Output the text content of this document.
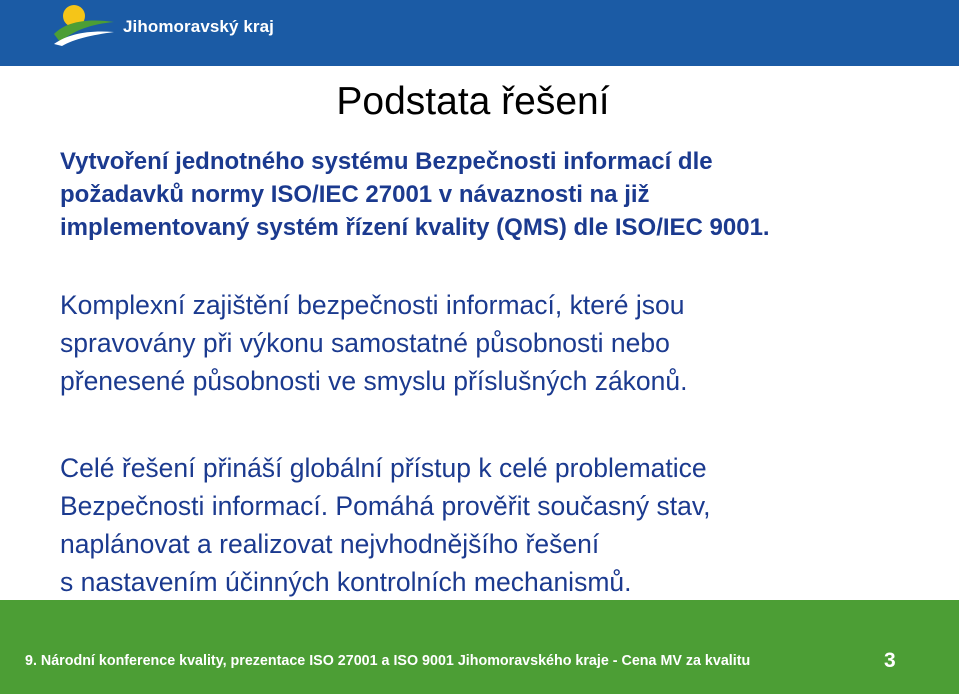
Jihomoravský kraj
Podstata řešení
Vytvoření jednotného systému Bezpečnosti informací dle
požadavků normy ISO/IEC 27001 v návaznosti na již
implementovaný systém řízení kvality (QMS) dle ISO/IEC 9001.
Komplexní zajištění bezpečnosti informací, které jsou
spravovány při výkonu samostatné působnosti nebo
přenesené působnosti ve smyslu příslušných zákonů.
Celé řešení přináší globální přístup k celé problematice
Bezpečnosti informací. Pomáhá prověřit současný stav,
naplánovat a realizovat nejvhodnějšího řešení
s nastavením účinných kontrolních mechanismů.
9. Národní konference kvality, prezentace ISO 27001 a ISO 9001 Jihomoravského kraje - Cena MV za kvalitu	3
